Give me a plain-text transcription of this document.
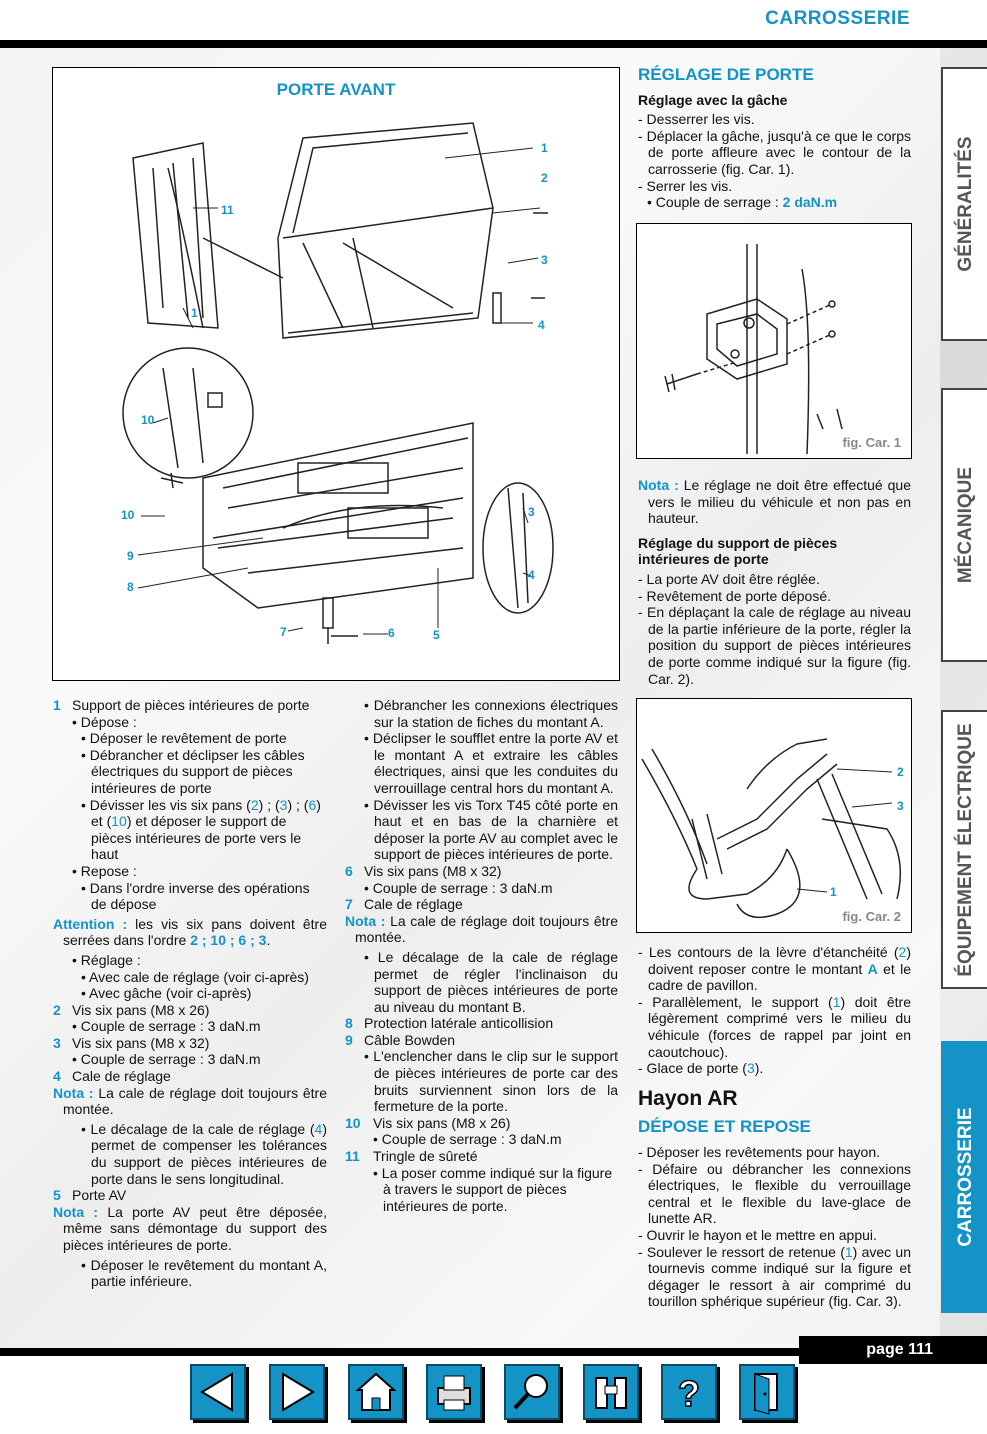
CARROSSERIE
PORTE AVANT
1
2
11
3
1
4
10
10	3
9
8
4
7	6	5

1 Support de pièces intérieures de porte

• Dépose :

• Déposer le revêtement de porte

• Débrancher et déclipser les câbles électriques du support de pièces intérieures de porte

• Dévisser les vis six pans (2) ; (3) ; (6) et (10) et déposer le support de pièces intérieures de porte vers le haut

• Repose :

• Dans l'ordre inverse des opérations de dépose

Attention : les vis six pans doivent être serrées dans l'ordre 2 ; 10 ; 6 ; 3.

• Réglage :

• Avec cale de réglage (voir ci-après)

• Avec gâche (voir ci-après)

2 Vis six pans (M8 x 26)

• Couple de serrage : 3 daN.m

3 Vis six pans (M8 x 32)

• Couple de serrage : 3 daN.m

4 Cale de réglage

Nota : La cale de réglage doit toujours être montée.

• Le décalage de la cale de réglage (4) permet de compenser les tolérances du support de pièces intérieures de porte dans le sens longitudinal.

5 Porte AV

Nota : La porte AV peut être déposée, même sans démontage du support des pièces intérieures de porte.

• Déposer le revêtement du montant A, partie inférieure.

• Débrancher les connexions électriques sur la station de fiches du montant A.

• Déclipser le soufflet entre la porte AV et le montant A et extraire les câbles électriques, ainsi que les conduites du verrouillage central hors du montant A.

• Dévisser les vis Torx T45 côté porte en haut et en bas de la charnière et déposer la porte AV au complet avec le support de pièces intérieures de porte.

6 Vis six pans (M8 x 32)

• Couple de serrage : 3 daN.m

7 Cale de réglage

Nota : La cale de réglage doit toujours être montée.

• Le décalage de la cale de réglage permet de régler l'inclinaison du support de pièces intérieures de porte au niveau du montant B.

8 Protection latérale anticollision

9 Câble Bowden

• L'enclencher dans le clip sur le support de pièces intérieures de porte car des bruits surviennent sinon lors de la fermeture de la porte.

10 Vis six pans (M8 x 26)

• Couple de serrage : 3 daN.m

11 Tringle de sûreté

• La poser comme indiqué sur la figure à travers le support de pièces intérieures de porte.

RÉGLAGE DE PORTE

Réglage avec la gâche

- Desserrer les vis.

- Déplacer la gâche, jusqu'à ce que le corps de porte affleure avec le contour de la carrosserie (fig. Car. 1).

- Serrer les vis.

• Couple de serrage : 2 daN.m

fig. Car. 1

Nota : Le réglage ne doit être effectué que vers le milieu du véhicule et non pas en hauteur.

Réglage du support de pièces intérieures de porte

- La porte AV doit être réglée.

- Revêtement de porte déposé.

- En déplaçant la cale de réglage au niveau de la partie inférieure de la porte, régler la position du support de pièces intérieures de porte comme indiqué sur la figure (fig. Car. 2).

2
3
1
fig. Car. 2

- Les contours de la lèvre d'étanchéité (2) doivent reposer contre le montant A et le cadre de pavillon.

- Parallèlement, le support (1) doit être légèrement comprimé vers le milieu du véhicule (forces de rappel par joint en caoutchouc).

- Glace de porte (3).

Hayon AR

DÉPOSE ET REPOSE

- Déposer les revêtements pour hayon.

- Défaire ou débrancher les connexions électriques, le flexible du verrouillage central et le flexible du lave-glace de lunette AR.

- Ouvrir le hayon et le mettre en appui.

- Soulever le ressort de retenue (1) avec un tournevis comme indiqué sur la figure et dégager le ressort à air comprimé du tourillon sphérique supérieur (fig. Car. 3).

GÉNÉRALITÉS
MÉCANIQUE
ÉQUIPEMENT ÉLECTRIQUE
CARROSSERIE
page 111
?
